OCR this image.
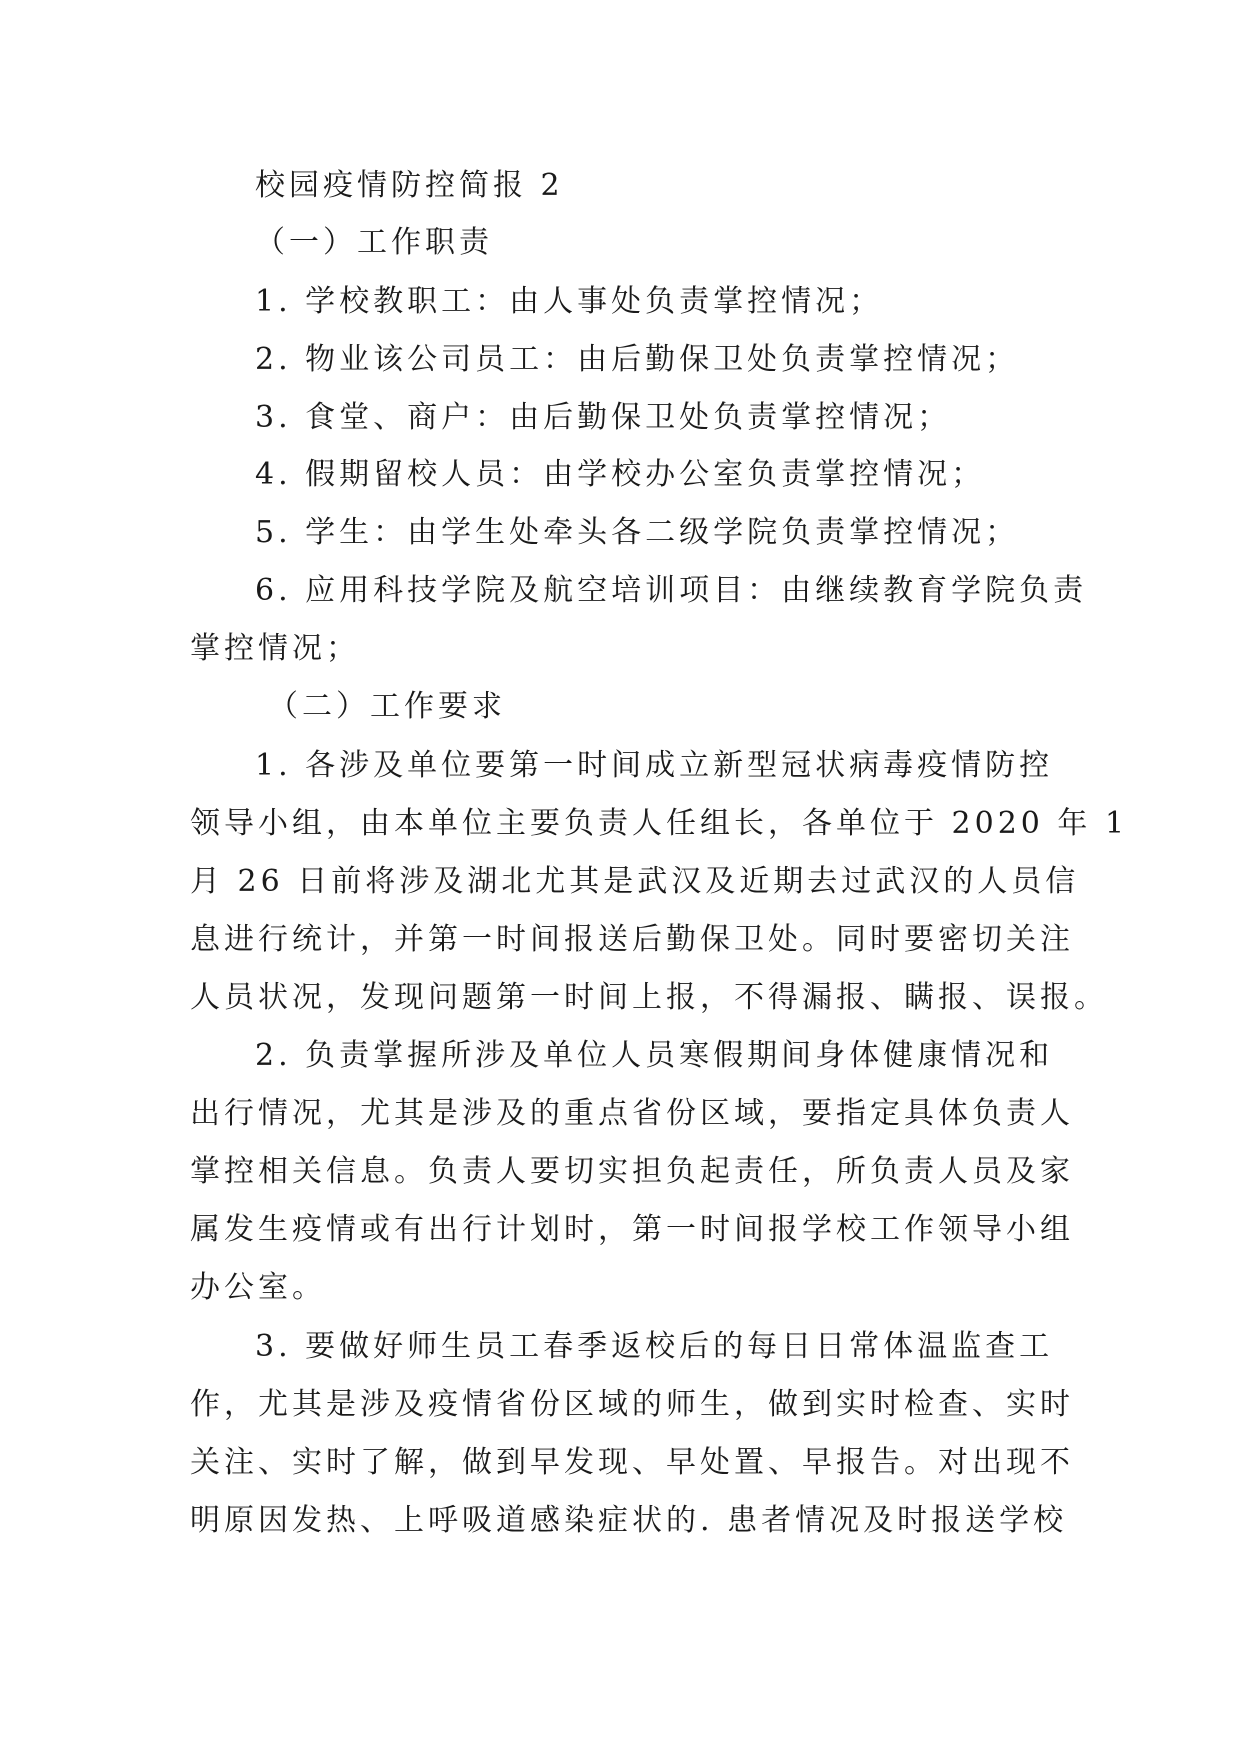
校园疫情防控简报 2
（一）工作职责
1. 学校教职工：由人事处负责掌控情况；
2. 物业该公司员工：由后勤保卫处负责掌控情况；
3. 食堂、商户：由后勤保卫处负责掌控情况；
4. 假期留校人员：由学校办公室负责掌控情况；
5. 学生：由学生处牵头各二级学院负责掌控情况；
6. 应用科技学院及航空培训项目：由继续教育学院负责
掌控情况；
（二）工作要求
1. 各涉及单位要第一时间成立新型冠状病毒疫情防控
领导小组，由本单位主要负责人任组长，各单位于 2020 年 1
月 26 日前将涉及湖北尤其是武汉及近期去过武汉的人员信
息进行统计，并第一时间报送后勤保卫处。同时要密切关注
人员状况，发现问题第一时间上报，不得漏报、瞒报、误报。
2. 负责掌握所涉及单位人员寒假期间身体健康情况和
出行情况，尤其是涉及的重点省份区域，要指定具体负责人
掌控相关信息。负责人要切实担负起责任，所负责人员及家
属发生疫情或有出行计划时，第一时间报学校工作领导小组
办公室。
3. 要做好师生员工春季返校后的每日日常体温监查工
作，尤其是涉及疫情省份区域的师生，做到实时检查、实时
关注、实时了解，做到早发现、早处置、早报告。对出现不
明原因发热、上呼吸道感染症状的. 患者情况及时报送学校
